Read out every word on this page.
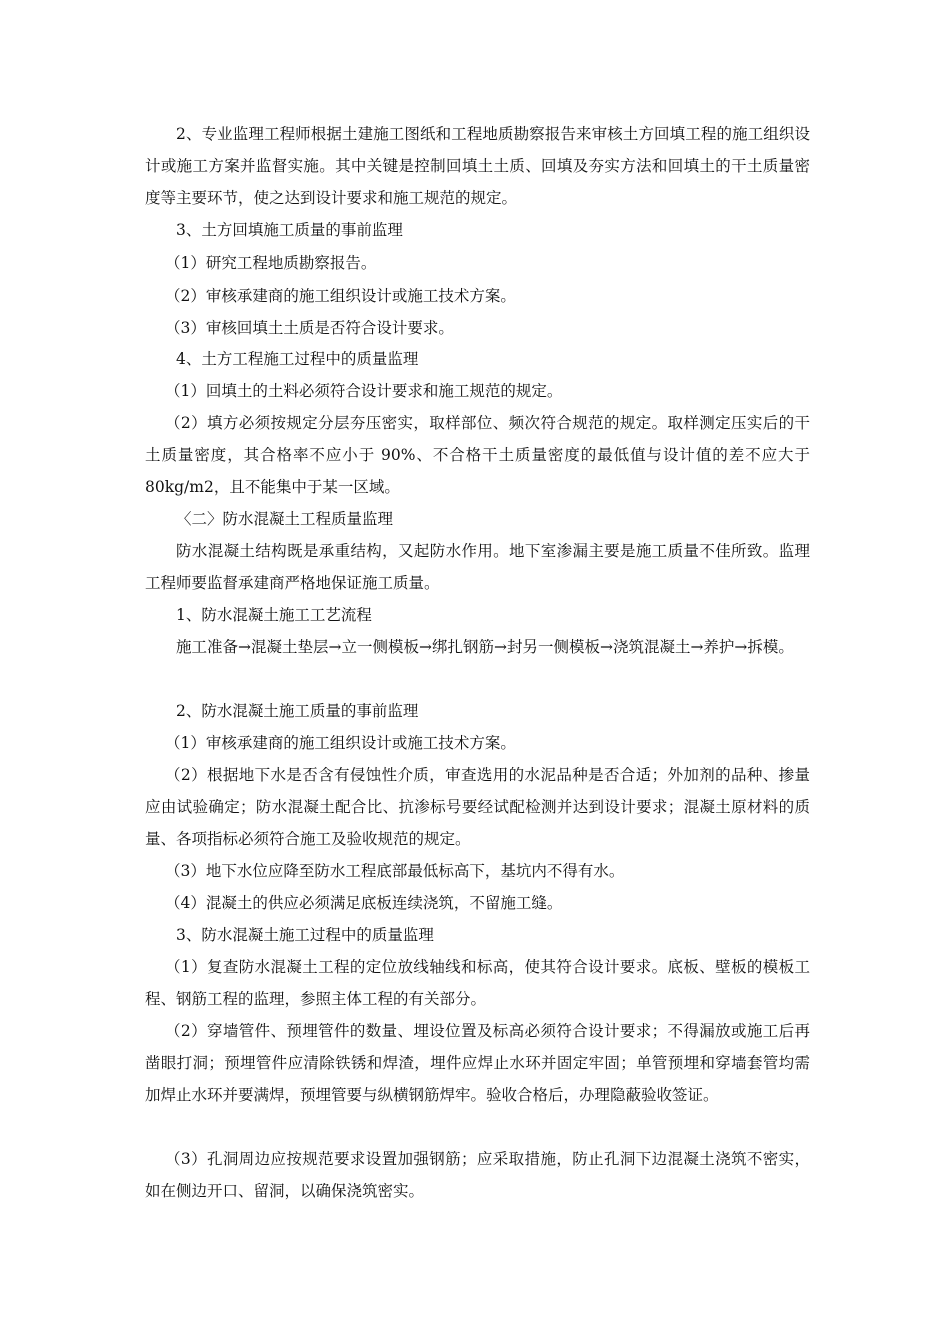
2、专业监理工程师根据土建施工图纸和工程地质勘察报告来审核土方回填工程的施工组织设计或施工方案并监督实施。其中关键是控制回填土土质、回填及夯实方法和回填土的干土质量密度等主要环节，使之达到设计要求和施工规范的规定。

3、土方回填施工质量的事前监理

（1）研究工程地质勘察报告。

（2）审核承建商的施工组织设计或施工技术方案。

（3）审核回填土土质是否符合设计要求。

4、土方工程施工过程中的质量监理

（1）回填土的土料必须符合设计要求和施工规范的规定。

（2）填方必须按规定分层夯压密实，取样部位、频次符合规范的规定。取样测定压实后的干土质量密度，其合格率不应小于 90%、不合格干土质量密度的最低值与设计值的差不应大于 80kg/m2，且不能集中于某一区域。

〈二〉防水混凝土工程质量监理

防水混凝土结构既是承重结构，又起防水作用。地下室渗漏主要是施工质量不佳所致。监理工程师要监督承建商严格地保证施工质量。

1、防水混凝土施工工艺流程

施工准备→混凝土垫层→立一侧模板→绑扎钢筋→封另一侧模板→浇筑混凝土→养护→拆模。

2、防水混凝土施工质量的事前监理

（1）审核承建商的施工组织设计或施工技术方案。

（2）根据地下水是否含有侵蚀性介质，审查选用的水泥品种是否合适；外加剂的品种、掺量应由试验确定；防水混凝土配合比、抗渗标号要经试配检测并达到设计要求；混凝土原材料的质量、各项指标必须符合施工及验收规范的规定。

（3）地下水位应降至防水工程底部最低标高下，基坑内不得有水。

（4）混凝土的供应必须满足底板连续浇筑，不留施工缝。

3、防水混凝土施工过程中的质量监理

（1）复查防水混凝土工程的定位放线轴线和标高，使其符合设计要求。底板、壁板的模板工程、钢筋工程的监理，参照主体工程的有关部分。

（2）穿墙管件、预埋管件的数量、埋设位置及标高必须符合设计要求；不得漏放或施工后再凿眼打洞；预埋管件应清除铁锈和焊渣，埋件应焊止水环并固定牢固；单管预埋和穿墙套管均需加焊止水环并要满焊，预埋管要与纵横钢筋焊牢。验收合格后，办理隐蔽验收签证。

（3）孔洞周边应按规范要求设置加强钢筋；应采取措施，防止孔洞下边混凝土浇筑不密实，如在侧边开口、留洞，以确保浇筑密实。
